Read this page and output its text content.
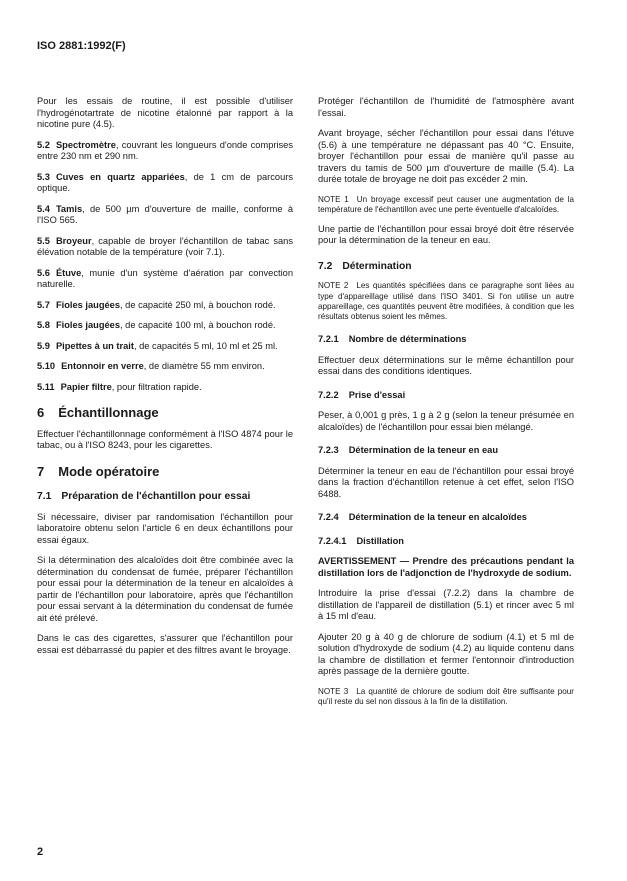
ISO 2881:1992(F)

Pour les essais de routine, il est possible d'utiliser l'hydrogénotartrate de nicotine étalonné par rapport à la nicotine pure (4.5).

5.2 Spectromètre, couvrant les longueurs d'onde comprises entre 230 nm et 290 nm.
5.3 Cuves en quartz appariées, de 1 cm de parcours optique.
5.4 Tamis, de 500 µm d'ouverture de maille, conforme à l'ISO 565.
5.5 Broyeur, capable de broyer l'échantillon de tabac sans élévation notable de la température (voir 7.1).
5.6 Étuve, munie d'un système d'aération par convection naturelle.
5.7 Fioles jaugées, de capacité 250 ml, à bouchon rodé.
5.8 Fioles jaugées, de capacité 100 ml, à bouchon rodé.
5.9 Pipettes à un trait, de capacités 5 ml, 10 ml et 25 ml.
5.10 Entonnoir en verre, de diamètre 55 mm environ.
5.11 Papier filtre, pour filtration rapide.
6 Échantillonnage

Effectuer l'échantillonnage conformément à l'ISO 4874 pour le tabac, ou à l'ISO 8243, pour les cigarettes.

7 Mode opératoire
7.1 Préparation de l'échantillon pour essai

Si nécessaire, diviser par randomisation l'échantillon pour laboratoire obtenu selon l'article 6 en deux échantillons pour essai égaux.

Si la détermination des alcaloïdes doit être combinée avec la détermination du condensat de fumée, préparer l'échantillon pour essai pour la détermination de la teneur en alcaloïdes à partir de l'échantillon pour laboratoire, après que l'échantillon pour essai servant à la détermination du condensat de fumée ait été prélevé.

Dans le cas des cigarettes, s'assurer que l'échantillon pour essai est débarrassé du papier et des filtres avant le broyage.

Protéger l'échantillon de l'humidité de l'atmosphère avant l'essai.

Avant broyage, sécher l'échantillon pour essai dans l'étuve (5.6) à une température ne dépassant pas 40 °C. Ensuite, broyer l'échantillon pour essai de manière qu'il passe au travers du tamis de 500 µm d'ouverture de maille (5.4). La durée totale de broyage ne doit pas excéder 2 min.

NOTE 1 Un broyage excessif peut causer une augmentation de la température de l'échantillon avec une perte éventuelle d'alcaloïdes.

Une partie de l'échantillon pour essai broyé doit être réservée pour la détermination de la teneur en eau.

7.2 Détermination
NOTE 2 Les quantités spécifiées dans ce paragraphe sont liées au type d'appareillage utilisé dans l'ISO 3401. Si l'on utilise un autre appareillage, ces quantités peuvent être modifiées, à condition que les résultats obtenus soient les mêmes.
7.2.1 Nombre de déterminations

Effectuer deux déterminations sur le même échantillon pour essai dans des conditions identiques.

7.2.2 Prise d'essai

Peser, à 0,001 g près, 1 g à 2 g (selon la teneur présumée en alcaloïdes) de l'échantillon pour essai bien mélangé.

7.2.3 Détermination de la teneur en eau

Déterminer la teneur en eau de l'échantillon pour essai broyé dans la fraction d'échantillon retenue à cet effet, selon l'ISO 6488.

7.2.4 Détermination de la teneur en alcaloïdes
7.2.4.1 Distillation

AVERTISSEMENT — Prendre des précautions pendant la distillation lors de l'adjonction de l'hydroxyde de sodium.

Introduire la prise d'essai (7.2.2) dans la chambre de distillation de l'appareil de distillation (5.1) et rincer avec 5 ml à 15 ml d'eau.

Ajouter 20 g à 40 g de chlorure de sodium (4.1) et 5 ml de solution d'hydroxyde de sodium (4.2) au liquide contenu dans la chambre de distillation et fermer l'entonnoir d'introduction après passage de la dernière goutte.

NOTE 3 La quantité de chlorure de sodium doit être suffisante pour qu'il reste du sel non dissous à la fin de la distillation.
2
